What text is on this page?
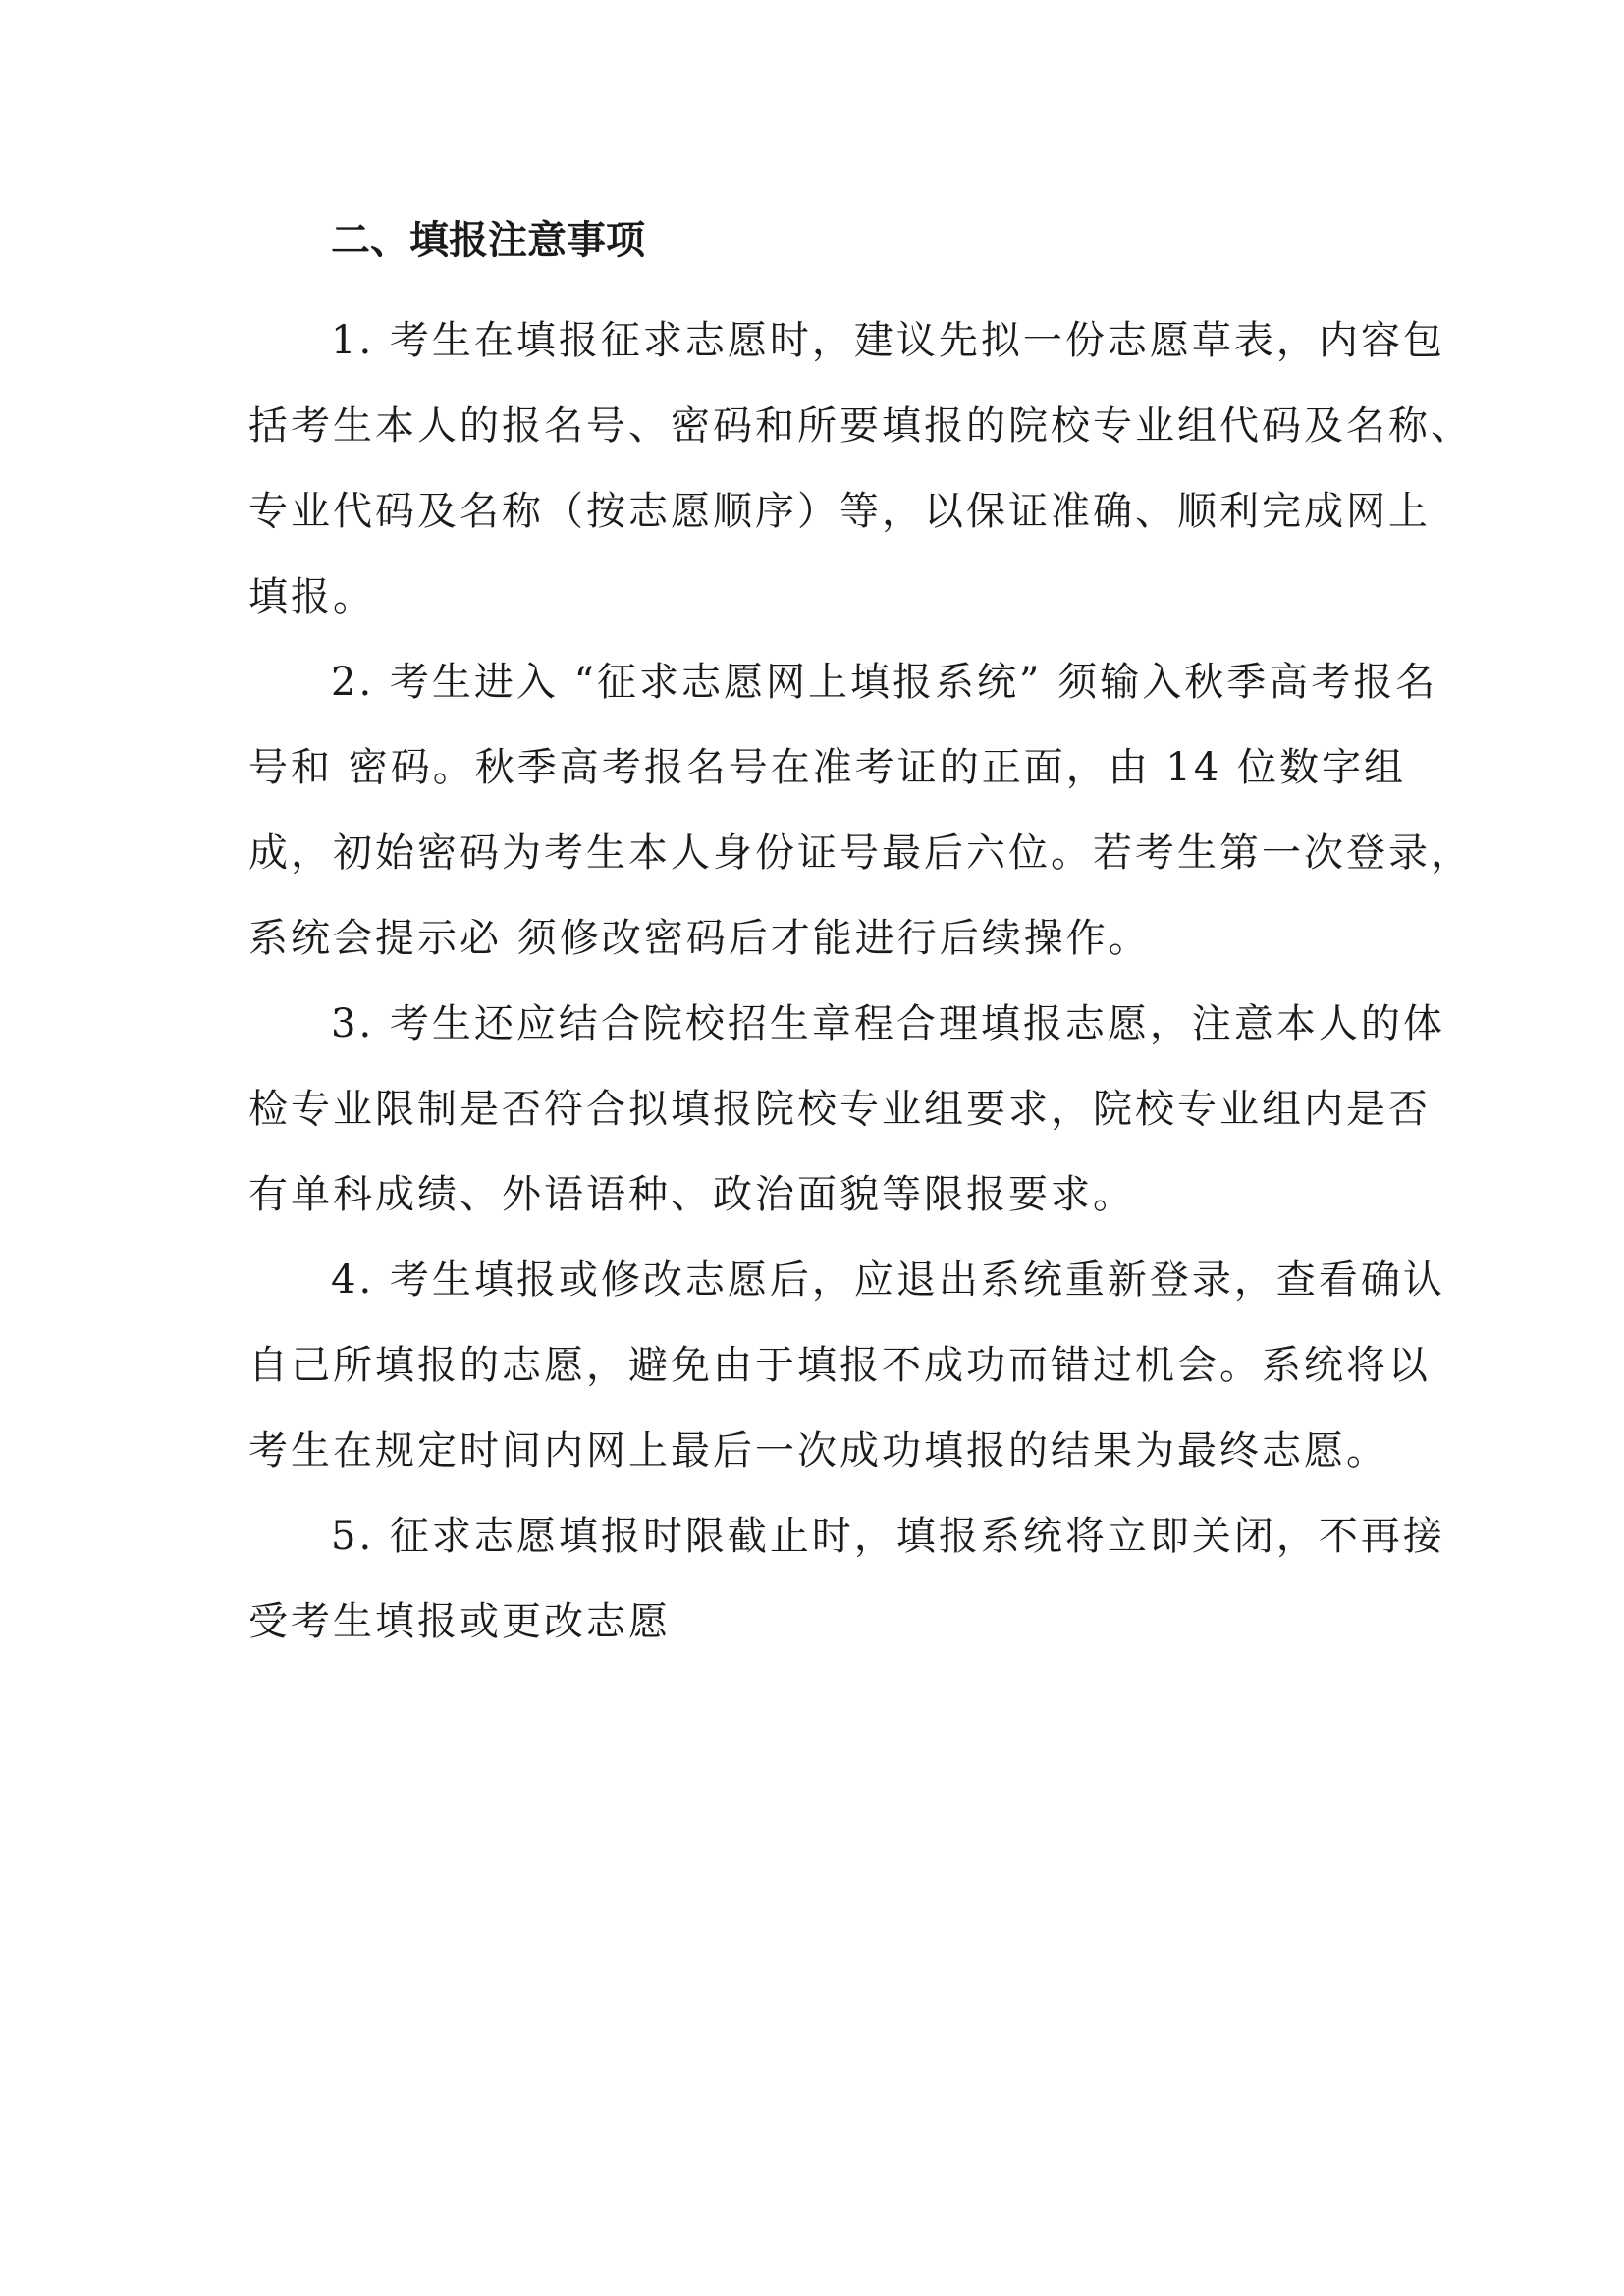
二、填报注意事项
1. 考生在填报征求志愿时，建议先拟一份志愿草表，内容包
括考生本人的报名号、密码和所要填报的院校专业组代码及名称、
专业代码及名称（按志愿顺序）等，以保证准确、顺利完成网上
填报。
2. 考生进入 “征求志愿网上填报系统” 须输入秋季高考报名
号和 密码。秋季高考报名号在准考证的正面，由 14 位数字组
成，初始密码为考生本人身份证号最后六位。若考生第一次登录，
系统会提示必 须修改密码后才能进行后续操作。
3. 考生还应结合院校招生章程合理填报志愿，注意本人的体
检专业限制是否符合拟填报院校专业组要求，院校专业组内是否
有单科成绩、外语语种、政治面貌等限报要求。
4. 考生填报或修改志愿后，应退出系统重新登录，查看确认
自己所填报的志愿，避免由于填报不成功而错过机会。系统将以
考生在规定时间内网上最后一次成功填报的结果为最终志愿。
5. 征求志愿填报时限截止时，填报系统将立即关闭，不再接
受考生填报或更改志愿
